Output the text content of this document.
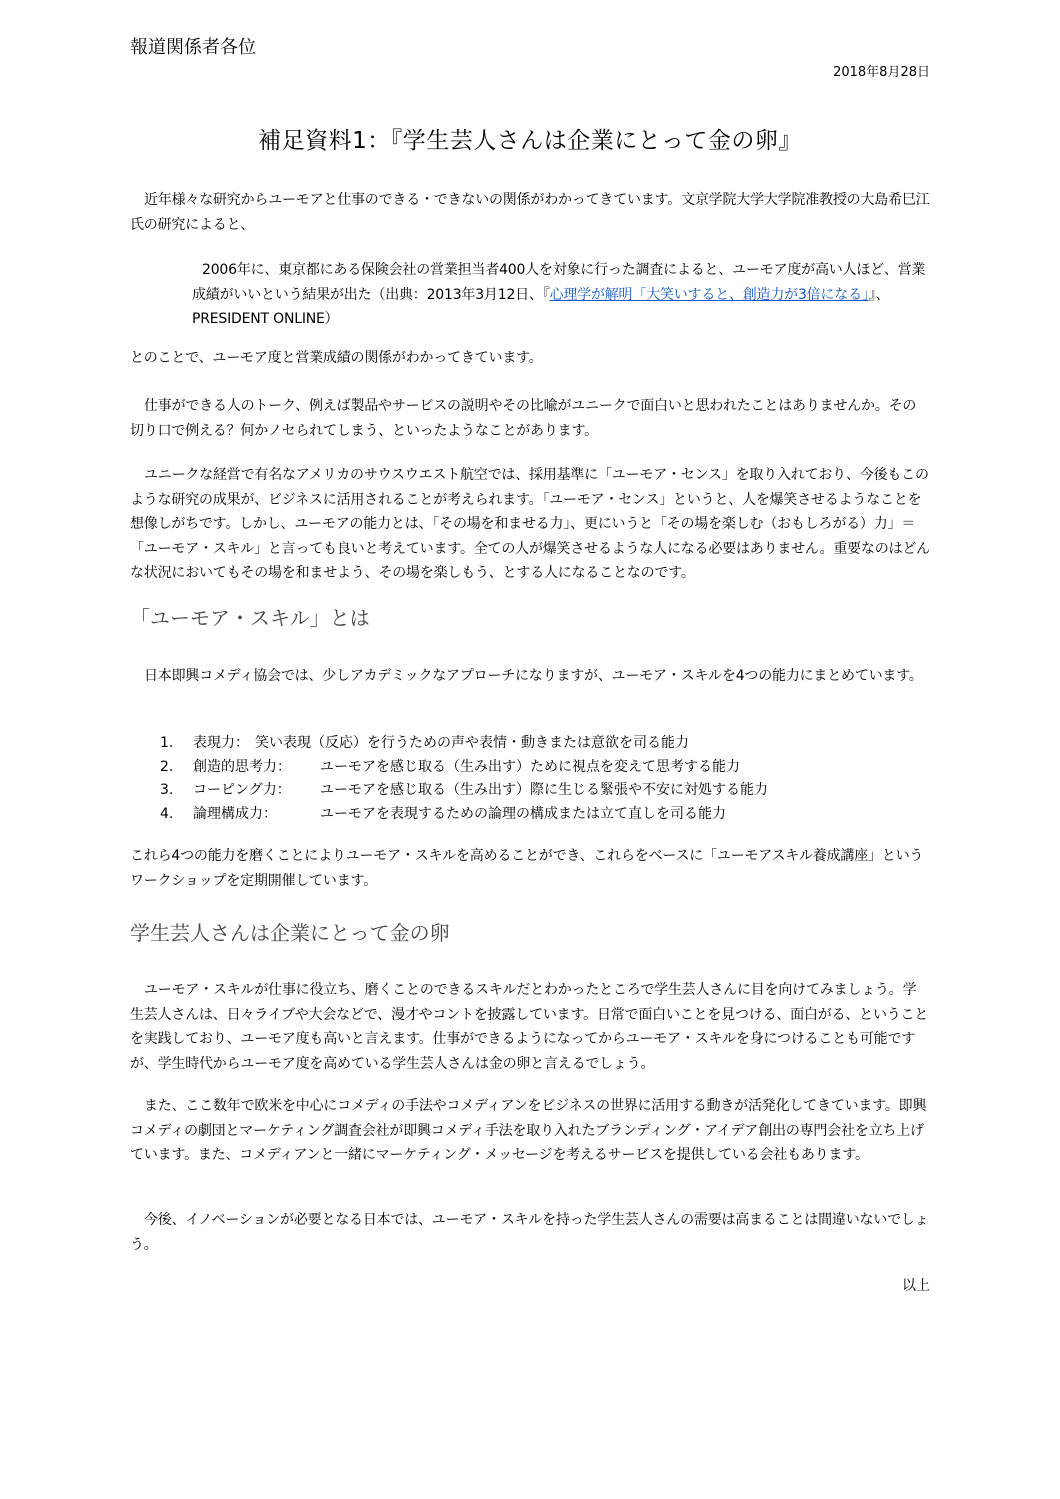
報道関係者各位
2018年8月28日
補足資料1：『学生芸人さんは企業にとって金の卵』

近年様々な研究からユーモアと仕事のできる・できないの関係がわかってきています。文京学院大学大学院准教授の大島希巳江氏の研究によると、

2006年に、東京都にある保険会社の営業担当者400人を対象に行った調査によると、ユーモア度が高い人ほど、営業成績がいいという結果が出た（出典：2013年3月12日、『心理学が解明「大笑いすると、創造力が3倍になる」』、PRESIDENT ONLINE）

とのことで、ユーモア度と営業成績の関係がわかってきています。

仕事ができる人のトーク、例えば製品やサービスの説明やその比喩がユニークで面白いと思われたことはありませんか。その切り口で例える？何かノセられてしまう、といったようなことがあります。

ユニークな経営で有名なアメリカのサウスウエスト航空では、採用基準に「ユーモア・センス」を取り入れており、今後もこのような研究の成果が、ビジネスに活用されることが考えられます。「ユーモア・センス」というと、人を爆笑させるようなことを想像しがちです。しかし、ユーモアの能力とは、「その場を和ませる力」、更にいうと「その場を楽しむ（おもしろがる）力」＝「ユーモア・スキル」と言っても良いと考えています。全ての人が爆笑させるような人になる必要はありません。重要なのはどんな状況においてもその場を和ませよう、その場を楽しもう、とする人になることなのです。

「ユーモア・スキル」とは

日本即興コメディ協会では、少しアカデミックなアプローチになりますが、ユーモア・スキルを4つの能力にまとめています。

1.	表現力： 笑い表現（反応）を行うための声や表情・動きまたは意欲を司る能力
2.	創造的思考力：	ユーモアを感じ取る（生み出す）ために視点を変えて思考する能力
3.	コーピング力：	ユーモアを感じ取る（生み出す）際に生じる緊張や不安に対処する能力
4.	論理構成力：	ユーモアを表現するための論理の構成または立て直しを司る能力

これら4つの能力を磨くことによりユーモア・スキルを高めることができ、これらをベースに「ユーモアスキル養成講座」というワークショップを定期開催しています。

学生芸人さんは企業にとって金の卵

ユーモア・スキルが仕事に役立ち、磨くことのできるスキルだとわかったところで学生芸人さんに目を向けてみましょう。学生芸人さんは、日々ライブや大会などで、漫才やコントを披露しています。日常で面白いことを見つける、面白がる、ということを実践しており、ユーモア度も高いと言えます。仕事ができるようになってからユーモア・スキルを身につけることも可能ですが、学生時代からユーモア度を高めている学生芸人さんは金の卵と言えるでしょう。

また、ここ数年で欧米を中心にコメディの手法やコメディアンをビジネスの世界に活用する動きが活発化してきています。即興コメディの劇団とマーケティング調査会社が即興コメディ手法を取り入れたブランディング・アイデア創出の専門会社を立ち上げています。また、コメディアンと一緒にマーケティング・メッセージを考えるサービスを提供している会社もあります。

今後、イノベーションが必要となる日本では、ユーモア・スキルを持った学生芸人さんの需要は高まることは間違いないでしょう。

以上
